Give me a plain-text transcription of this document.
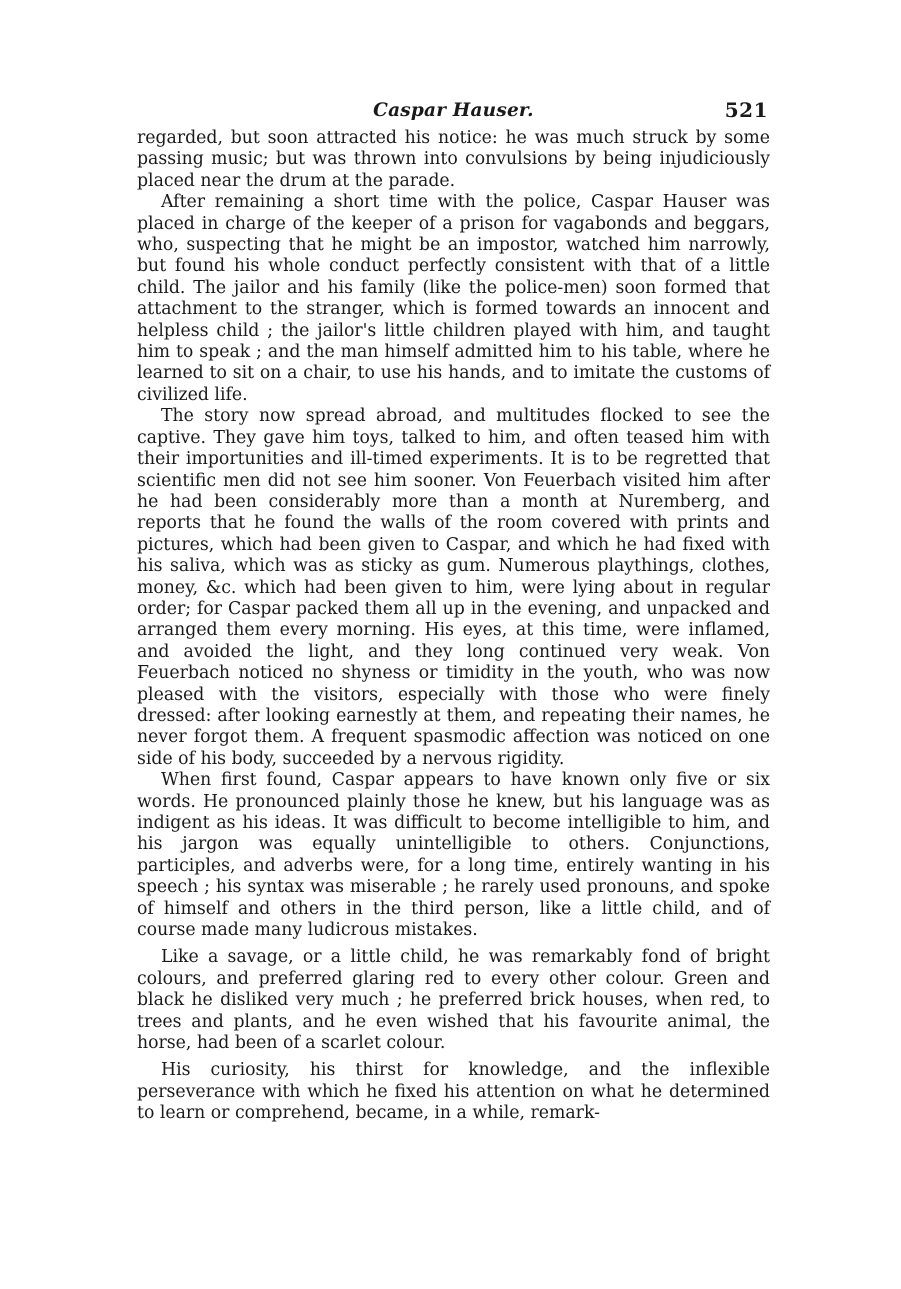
Caspar Hauser.	521

regarded, but soon attracted his notice: he was much struck by some passing music; but was thrown into convulsions by being injudiciously placed near the drum at the parade.

After remaining a short time with the police, Caspar Hauser was placed in charge of the keeper of a prison for vagabonds and beggars, who, suspecting that he might be an impostor, watched him narrowly, but found his whole conduct perfectly consistent with that of a little child. The jailor and his family (like the police-men) soon formed that attachment to the stranger, which is formed towards an innocent and helpless child ; the jailor's little children played with him, and taught him to speak ; and the man himself admitted him to his table, where he learned to sit on a chair, to use his hands, and to imitate the customs of civilized life.

The story now spread abroad, and multitudes flocked to see the captive. They gave him toys, talked to him, and often teased him with their importunities and ill-timed experiments. It is to be regretted that scientific men did not see him sooner. Von Feuerbach visited him after he had been considerably more than a month at Nuremberg, and reports that he found the walls of the room covered with prints and pictures, which had been given to Caspar, and which he had fixed with his saliva, which was as sticky as gum. Numerous playthings, clothes, money, &c. which had been given to him, were lying about in regular order; for Caspar packed them all up in the evening, and unpacked and arranged them every morning. His eyes, at this time, were inflamed, and avoided the light, and they long continued very weak. Von Feuerbach noticed no shyness or timidity in the youth, who was now pleased with the visitors, especially with those who were finely dressed: after looking earnestly at them, and repeating their names, he never forgot them. A frequent spasmodic affection was noticed on one side of his body, succeeded by a nervous rigidity.

When first found, Caspar appears to have known only five or six words. He pronounced plainly those he knew, but his language was as indigent as his ideas. It was difficult to become intelligible to him, and his jargon was equally unintelligible to others. Conjunctions, participles, and adverbs were, for a long time, entirely wanting in his speech ; his syntax was miserable ; he rarely used pronouns, and spoke of himself and others in the third person, like a little child, and of course made many ludicrous mistakes.

Like a savage, or a little child, he was remarkably fond of bright colours, and preferred glaring red to every other colour. Green and black he disliked very much ; he preferred brick houses, when red, to trees and plants, and he even wished that his favourite animal, the horse, had been of a scarlet colour.

His curiosity, his thirst for knowledge, and the inflexible perseverance with which he fixed his attention on what he determined to learn or comprehend, became, in a while, remark-
